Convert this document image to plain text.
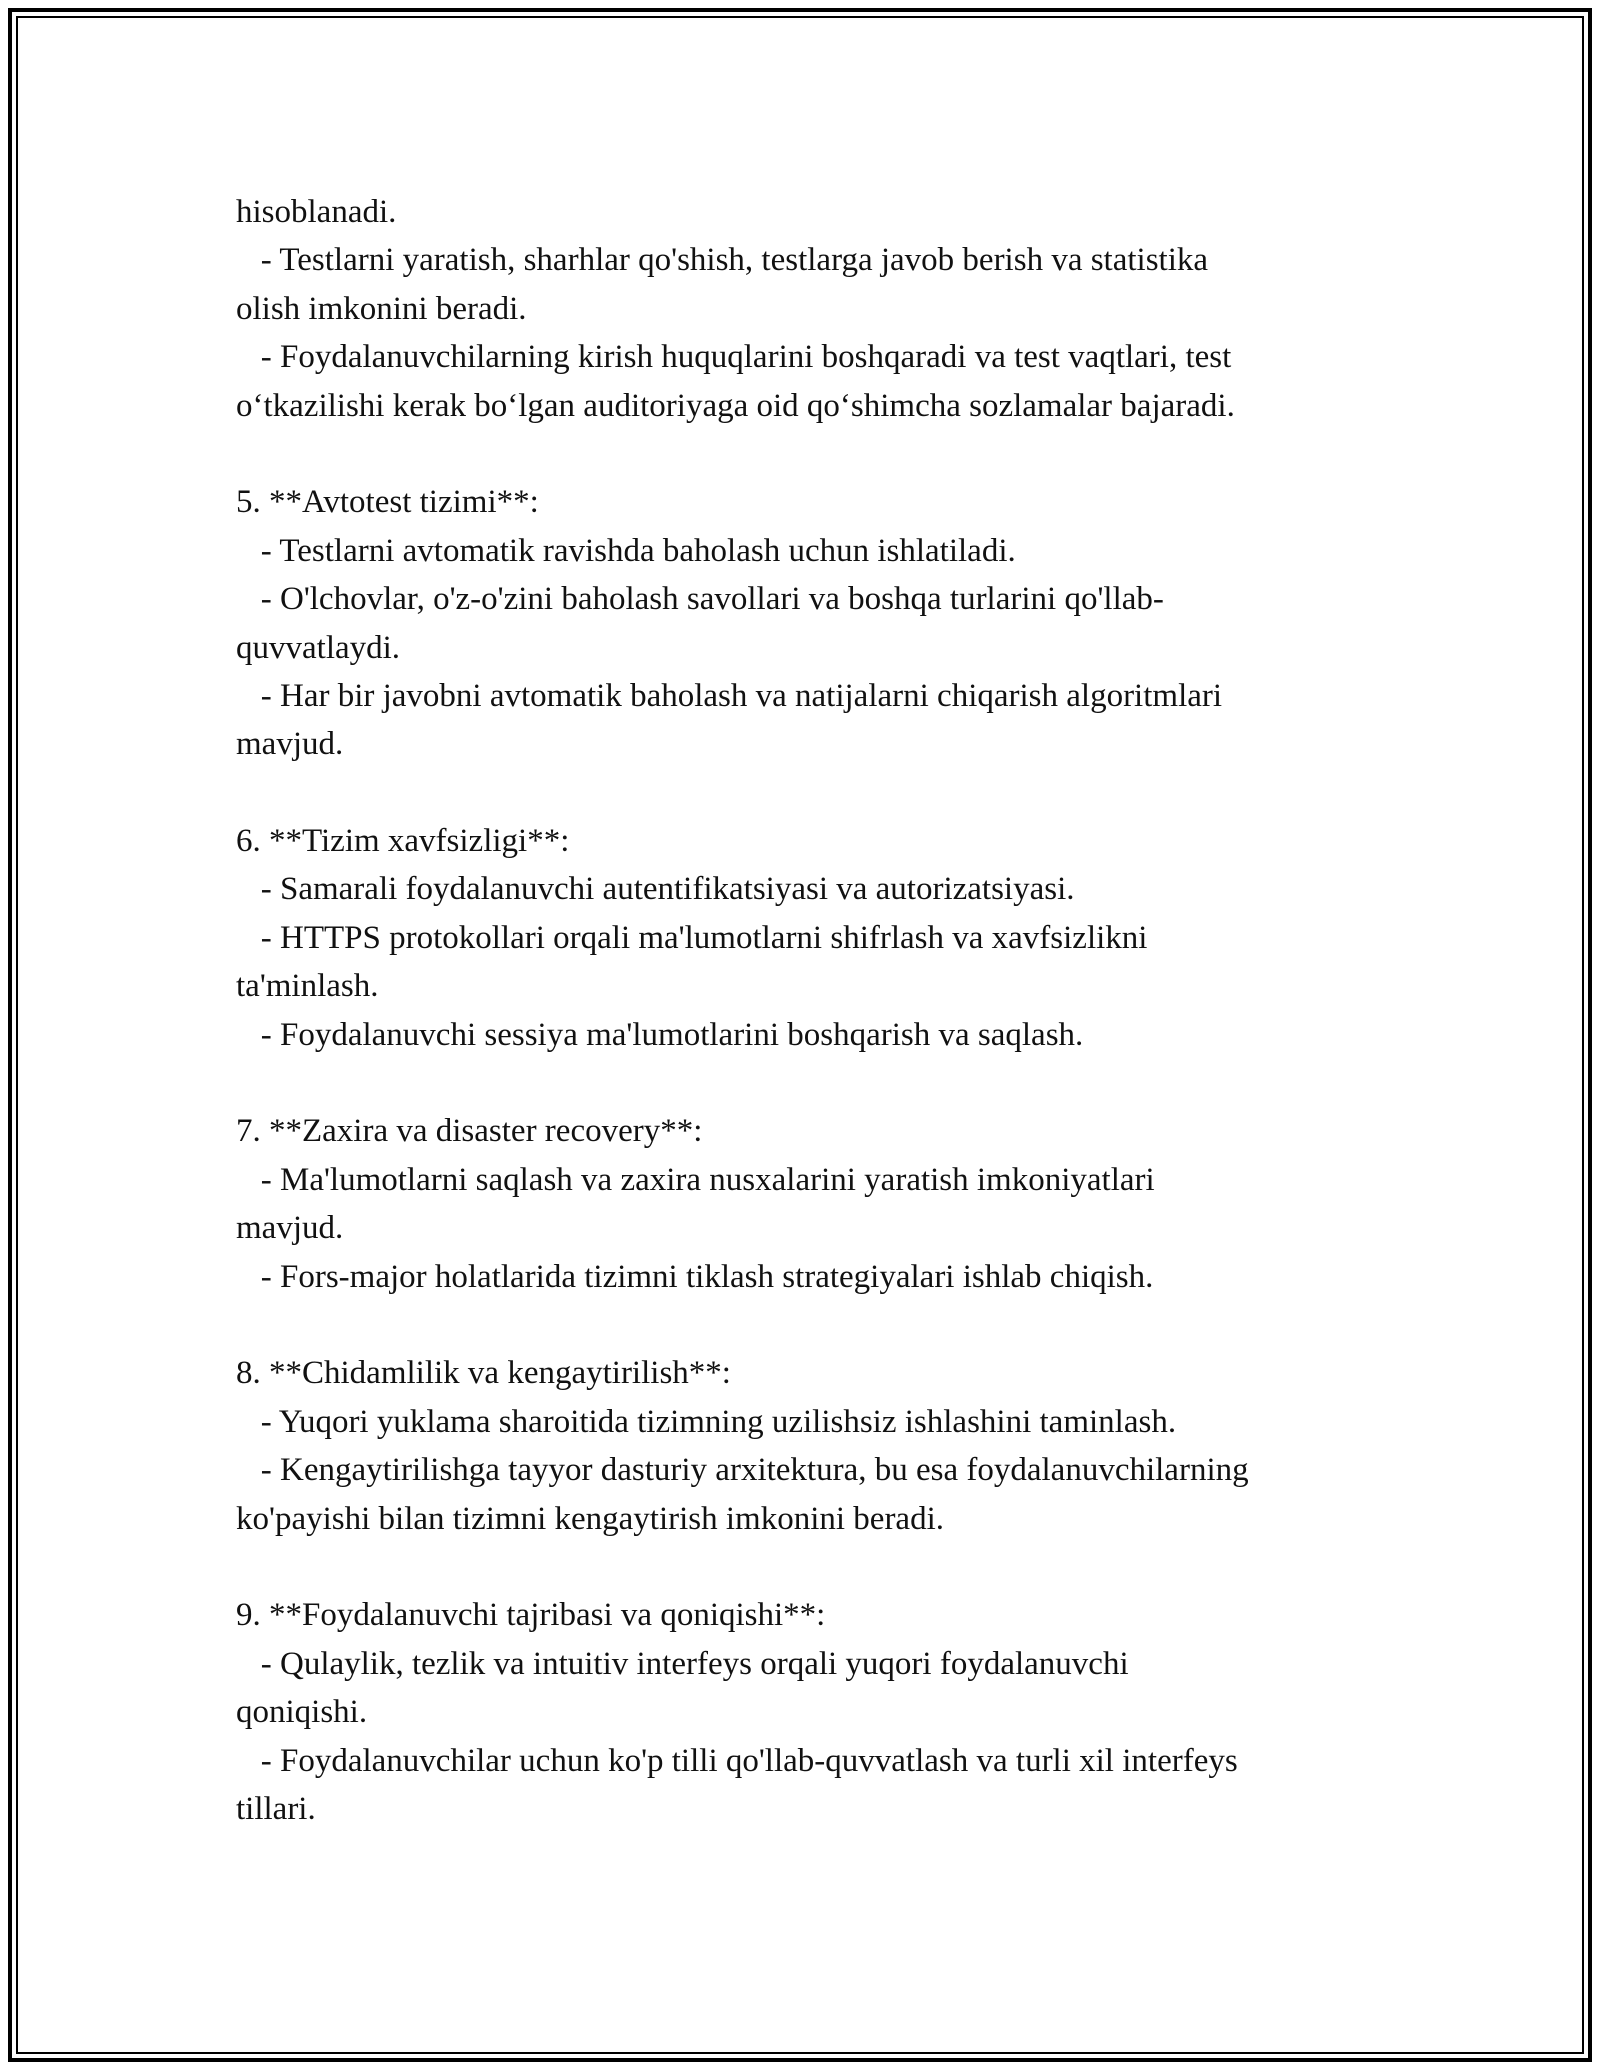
hisoblanadi.
- Testlarni yaratish, sharhlar qo'shish, testlarga javob berish va statistika
olish imkonini beradi.
- Foydalanuvchilarning kirish huquqlarini boshqaradi va test vaqtlari, test
o‘tkazilishi kerak bo‘lgan auditoriyaga oid qo‘shimcha sozlamalar bajaradi.
5. **Avtotest tizimi**:
- Testlarni avtomatik ravishda baholash uchun ishlatiladi.
- O'lchovlar, o'z-o'zini baholash savollari va boshqa turlarini qo'llab-
quvvatlaydi.
- Har bir javobni avtomatik baholash va natijalarni chiqarish algoritmlari
mavjud.
6. **Tizim xavfsizligi**:
- Samarali foydalanuvchi autentifikatsiyasi va autorizatsiyasi.
- HTTPS protokollari orqali ma'lumotlarni shifrlash va xavfsizlikni
ta'minlash.
- Foydalanuvchi sessiya ma'lumotlarini boshqarish va saqlash.
7. **Zaxira va disaster recovery**:
- Ma'lumotlarni saqlash va zaxira nusxalarini yaratish imkoniyatlari
mavjud.
- Fors-major holatlarida tizimni tiklash strategiyalari ishlab chiqish.
8. **Chidamlilik va kengaytirilish**:
- Yuqori yuklama sharoitida tizimning uzilishsiz ishlashini taminlash.
- Kengaytirilishga tayyor dasturiy arxitektura, bu esa foydalanuvchilarning
ko'payishi bilan tizimni kengaytirish imkonini beradi.
9. **Foydalanuvchi tajribasi va qoniqishi**:
- Qulaylik, tezlik va intuitiv interfeys orqali yuqori foydalanuvchi
qoniqishi.
- Foydalanuvchilar uchun ko'p tilli qo'llab-quvvatlash va turli xil interfeys
tillari.
